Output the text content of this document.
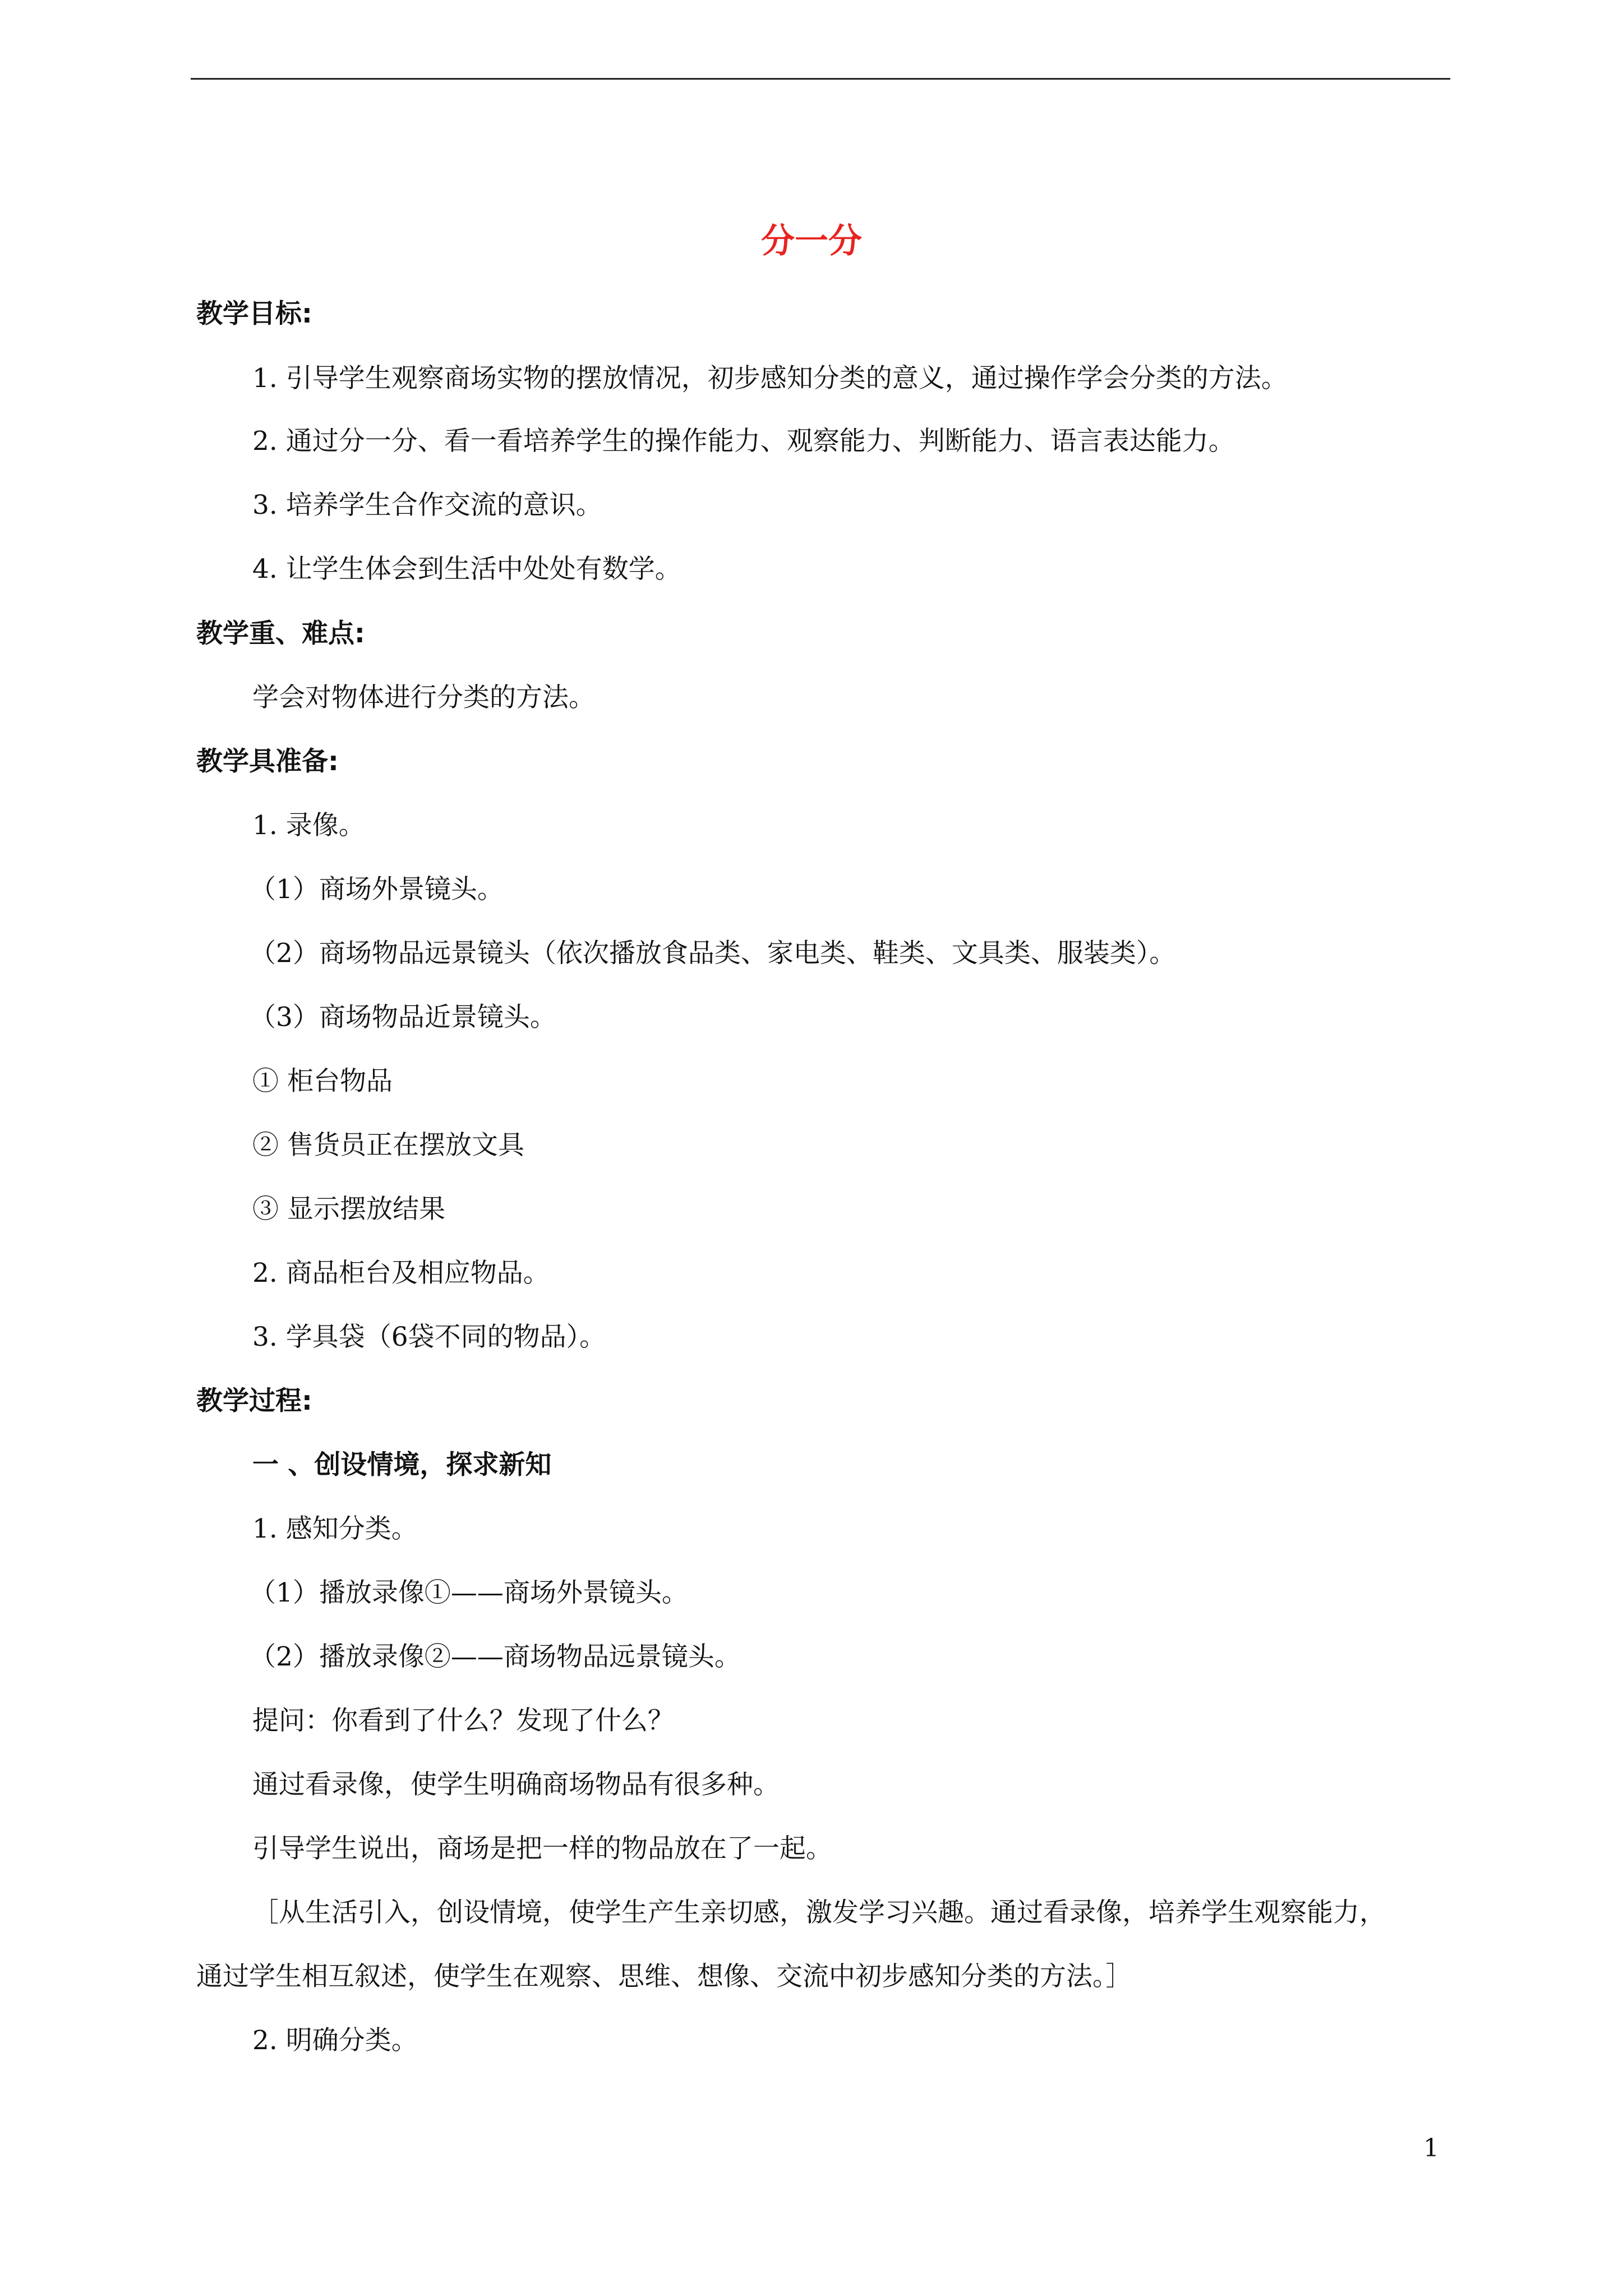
分一分
教学目标:
1. 引导学生观察商场实物的摆放情况，初步感知分类的意义，通过操作学会分类的方法。
2. 通过分一分、看一看培养学生的操作能力、观察能力、判断能力、语言表达能力。
3. 培养学生合作交流的意识。
4. 让学生体会到生活中处处有数学。
教学重、难点:
学会对物体进行分类的方法。
教学具准备:
1. 录像。
（1）商场外景镜头。
（2）商场物品远景镜头（依次播放食品类、家电类、鞋类、文具类、服装类）。
（3）商场物品近景镜头。
① 柜台物品
② 售货员正在摆放文具
③ 显示摆放结果
2. 商品柜台及相应物品。
3. 学具袋（6袋不同的物品）。
教学过程:
一 、创设情境，探求新知
1. 感知分类。
（1）播放录像①——商场外景镜头。
（2）播放录像②——商场物品远景镜头。
提问：你看到了什么？发现了什么？
通过看录像，使学生明确商场物品有很多种。
引导学生说出，商场是把一样的物品放在了一起。
［从生活引入，创设情境，使学生产生亲切感，激发学习兴趣。通过看录像，培养学生观察能力，
通过学生相互叙述，使学生在观察、思维、想像、交流中初步感知分类的方法。］
2. 明确分类。
1
